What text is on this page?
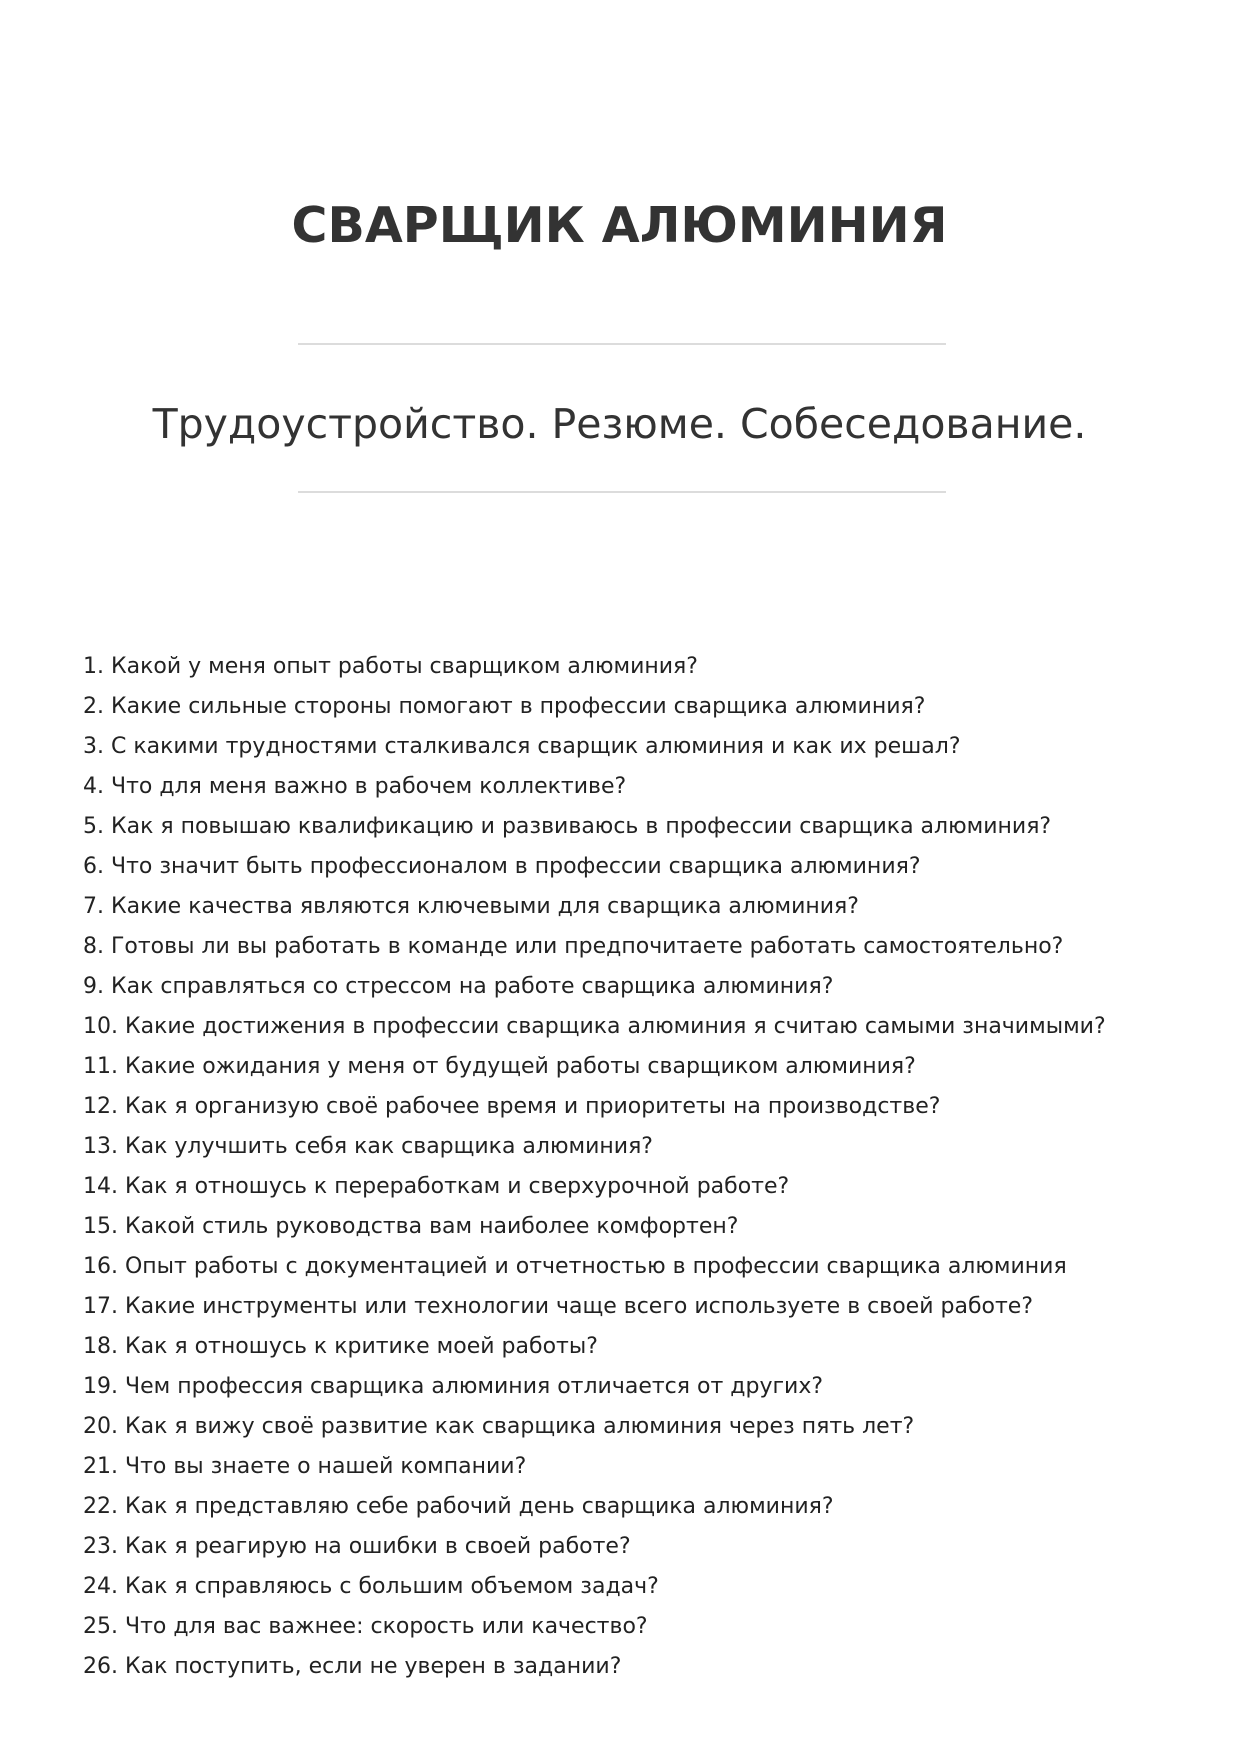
СВАРЩИК АЛЮМИНИЯ
Трудоустройство. Резюме. Собеседование.
1. Какой у меня опыт работы сварщиком алюминия?
2. Какие сильные стороны помогают в профессии сварщика алюминия?
3. С какими трудностями сталкивался сварщик алюминия и как их решал?
4. Что для меня важно в рабочем коллективе?
5. Как я повышаю квалификацию и развиваюсь в профессии сварщика алюминия?
6. Что значит быть профессионалом в профессии сварщика алюминия?
7. Какие качества являются ключевыми для сварщика алюминия?
8. Готовы ли вы работать в команде или предпочитаете работать самостоятельно?
9. Как справляться со стрессом на работе сварщика алюминия?
10. Какие достижения в профессии сварщика алюминия я считаю самыми значимыми?
11. Какие ожидания у меня от будущей работы сварщиком алюминия?
12. Как я организую своё рабочее время и приоритеты на производстве?
13. Как улучшить себя как сварщика алюминия?
14. Как я отношусь к переработкам и сверхурочной работе?
15. Какой стиль руководства вам наиболее комфортен?
16. Опыт работы с документацией и отчетностью в профессии сварщика алюминия
17. Какие инструменты или технологии чаще всего используете в своей работе?
18. Как я отношусь к критике моей работы?
19. Чем профессия сварщика алюминия отличается от других?
20. Как я вижу своё развитие как сварщика алюминия через пять лет?
21. Что вы знаете о нашей компании?
22. Как я представляю себе рабочий день сварщика алюминия?
23. Как я реагирую на ошибки в своей работе?
24. Как я справляюсь с большим объемом задач?
25. Что для вас важнее: скорость или качество?
26. Как поступить, если не уверен в задании?
